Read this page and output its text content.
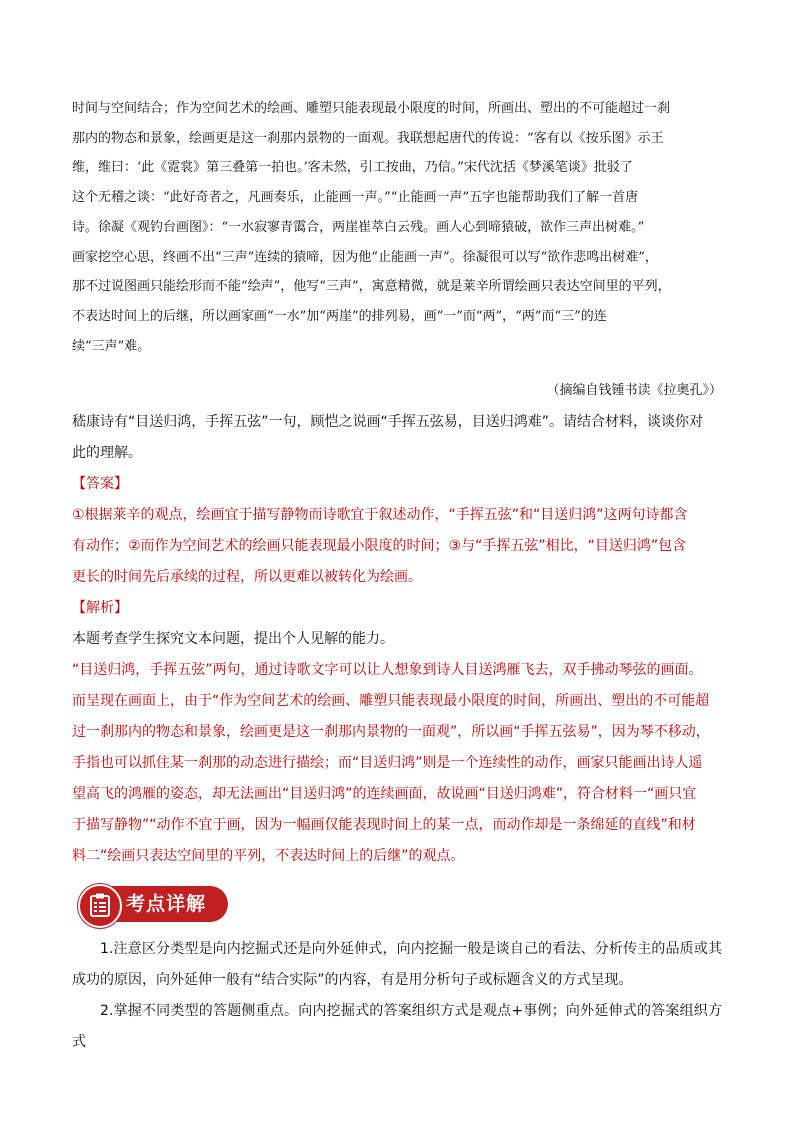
时间与空间结合；作为空间艺术的绘画、雕塑只能表现最小限度的时间，所画出、塑出的不可能超过一刹

那内的物态和景象，绘画更是这一刹那内景物的一面观。我联想起唐代的传说：“客有以《按乐图》示王

维，维曰：‘此《霓裳》第三叠第一拍也。’客未然，引工按曲，乃信。”宋代沈括《梦溪笔谈》批驳了

这个无稽之谈：“此好奇者之，凡画奏乐，止能画一声。”“止能画一声”五字也能帮助我们了解一首唐

诗。徐凝《观钓台画图》：“一水寂寥青霭合，两崖崔萃白云残。画人心到啼猿破，欲作三声出树难。”

画家挖空心思，终画不出“三声”连续的猿啼，因为他“止能画一声”。徐凝很可以写“欲作悲鸣出树难”，

那不过说图画只能绘形而不能“绘声”，他写“三声”，寓意精微，就是莱辛所谓绘画只表达空间里的平列，

不表达时间上的后继，所以画家画“一水”加“两崖”的排列易，画“一”而“两”，“两”而“三”的连

续“三声”难。

（摘编自钱锺书读《拉奥孔》）

嵇康诗有“目送归鸿，手挥五弦”一句，顾恺之说画“手挥五弦易，目送归鸿难”。请结合材料，谈谈你对

此的理解。

【答案】

①根据莱辛的观点，绘画宜于描写静物而诗歌宜于叙述动作，“手挥五弦”和“目送归鸿”这两句诗都含

有动作；②而作为空间艺术的绘画只能表现最小限度的时间；③与“手挥五弦”相比，“目送归鸿”包含

更长的时间先后承续的过程，所以更难以被转化为绘画。

【解析】

本题考查学生探究文本问题，提出个人见解的能力。

“目送归鸿，手挥五弦”两句，通过诗歌文字可以让人想象到诗人目送鸿雁飞去，双手拂动琴弦的画面。

而呈现在画面上，由于“作为空间艺术的绘画、雕塑只能表现最小限度的时间，所画出、塑出的不可能超

过一刹那内的物态和景象，绘画更是这一刹那内景物的一面观”，所以画“手挥五弦易”，因为琴不移动，

手指也可以抓住某一刹那的动态进行描绘；而“目送归鸿”则是一个连续性的动作，画家只能画出诗人遥

望高飞的鸿雁的姿态，却无法画出“目送归鸿”的连续画面，故说画“目送归鸿难”，符合材料一“画只宜

于描写静物”“动作不宜于画，因为一幅画仅能表现时间上的某一点，而动作却是一条绵延的直线”和材

料二“绘画只表达空间里的平列，不表达时间上的后继”的观点。

考点详解

1.注意区分类型是向内挖掘式还是向外延伸式，向内挖掘一般是谈自己的看法、分析传主的品质或其成功的原因，向外延伸一般有“结合实际”的内容，有是用分析句子或标题含义的方式呈现。

2.掌握不同类型的答题侧重点。向内挖掘式的答案组织方式是观点+事例；向外延伸式的答案组织方式
